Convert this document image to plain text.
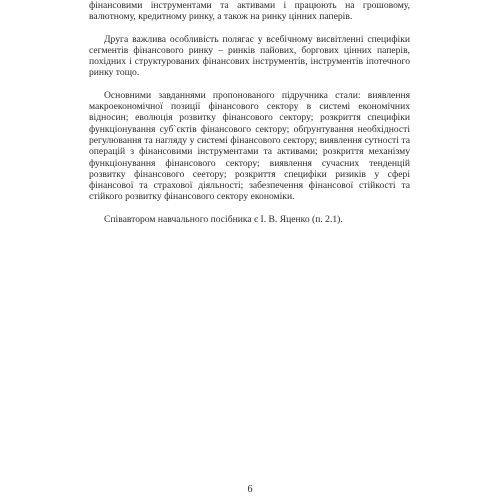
фінансовими інструментами та активами і працюють на грошовому, валютному, кредитному ринку, а також на ринку цінних паперів.

Друга важлива особливість полягає у всебічному висвітленні специфіки сегментів фінансового ринку – ринків пайових, боргових цінних паперів, похідних і структурованих фінансових інструментів, інструментів іпотечного ринку тощо.

Основними завданнями пропонованого підручника стали: виявлення макроекономічної позиції фінансового сектору в системі економічних відносин; еволюція розвитку фінансового сектору; розкриття специфіки функціонування суб`єктів фінансового сектору; обґрунтування необхідності регулювання та нагляду у системі фінансового сектору; виявлення сутності та операцій з фінансовими інструментами та активами; розкриття механізму функціонування фінансового сектору; виявлення сучасних тенденцій розвитку фінансового сеетору; розкриття специфіки ризиків у сфері фінансової та страхової діяльності; забезпечення фінансової стійкості та стійкого розвитку фінансового сектору економіки.

Співавтором навчального посібника є І. В. Яценко (п. 2.1).

6
